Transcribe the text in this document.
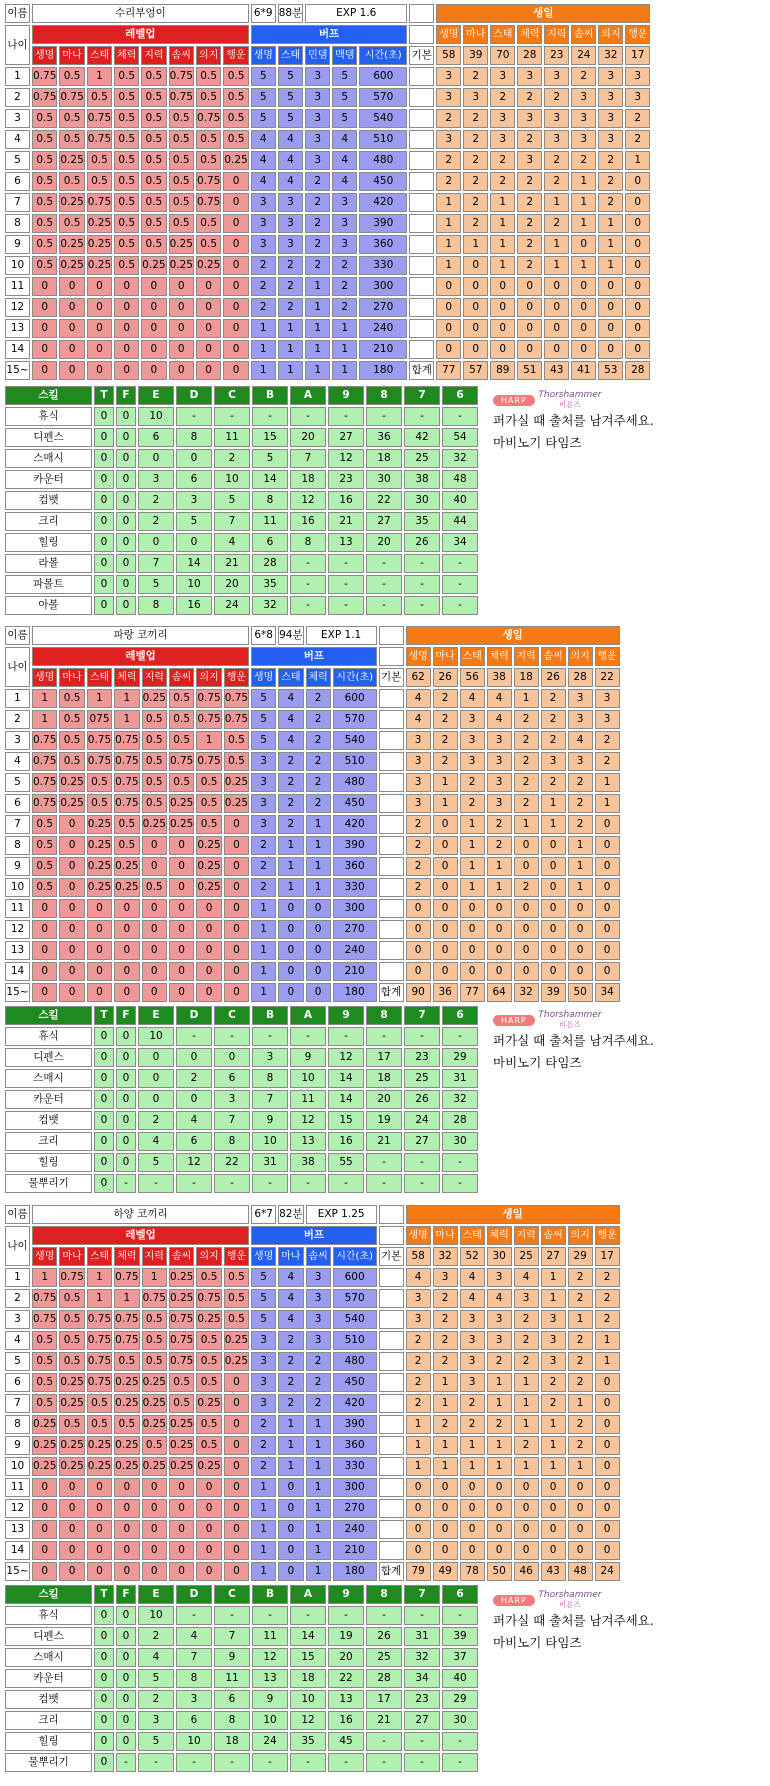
이름	수리부엉이								6*9	88분	EXP 1.6				생일							
나이	레벨업								버프						생명	마나	스태	체력	지력	솜씨	의지	행운
	생명	마나	스태	체력	지력	솜씨	의지	행운	생명	스태	민뎀	맥뎀	시간(초)	기본	58	39	70	28	23	24	32	17
1	0.75	0.5	1	0.5	0.5	0.75	0.5	0.5	5	5	3	5	600		3	2	3	3	3	2	3	3
2	0.75	0.75	0.5	0.5	0.5	0.75	0.5	0.5	5	5	3	5	570		3	3	2	2	2	3	3	3
3	0.5	0.5	0.75	0.5	0.5	0.5	0.75	0.5	5	5	3	5	540		2	2	3	3	3	3	3	2
4	0.5	0.5	0.75	0.5	0.5	0.5	0.5	0.5	4	4	3	4	510		3	2	3	2	3	3	3	2
5	0.5	0.25	0.5	0.5	0.5	0.5	0.5	0.25	4	4	3	4	480		2	2	2	3	2	2	2	1
6	0.5	0.5	0.5	0.5	0.5	0.5	0.75	0	4	4	2	4	450		2	2	2	2	2	1	2	0
7	0.5	0.25	0.75	0.5	0.5	0.5	0.75	0	3	3	2	3	420		1	2	1	2	1	1	2	0
8	0.5	0.5	0.25	0.5	0.5	0.5	0.5	0	3	3	2	3	390		1	2	1	2	2	1	1	0
9	0.5	0.25	0.25	0.5	0.5	0.25	0.5	0	3	3	2	3	360		1	1	1	2	1	0	1	0
10	0.5	0.25	0.25	0.5	0.25	0.25	0.25	0	2	2	2	2	330		1	0	1	2	1	1	1	0
11	0	0	0	0	0	0	0	0	2	2	1	2	300		0	0	0	0	0	0	0	0
12	0	0	0	0	0	0	0	0	2	2	1	2	270		0	0	0	0	0	0	0	0
13	0	0	0	0	0	0	0	0	1	1	1	1	240		0	0	0	0	0	0	0	0
14	0	0	0	0	0	0	0	0	1	1	1	1	210		0	0	0	0	0	0	0	0
15~	0	0	0	0	0	0	0	0	1	1	1	1	180	합계	77	57	89	51	43	41	53	28
스킬	T	F	E	D	C	B	A	9	8	7	6
휴식	0	0	10	-	-	-	-	-	-	-	-
디펜스	0	0	6	8	11	15	20	27	36	42	54
스매시	0	0	0	0	2	5	7	12	18	25	32
카운터	0	0	3	6	10	14	18	23	30	38	48
컴뱃	0	0	2	3	5	8	12	16	22	30	40
크리	0	0	2	5	7	11	16	21	27	35	44
힐링	0	0	0	0	4	6	8	13	20	26	34
라볼	0	0	7	14	21	28	-	-	-	-	-
파볼트	0	0	5	10	20	35	-	-	-	-	-
아볼	0	0	8	16	24	32	-	-	-	-	-
HARP Thorshammer
비욘즈
퍼가실 때 출처를 남겨주세요.
마비노기 타임즈
이름	파랑 코끼리								6*8	94분	EXP 1.1			생일							
나이	레벨업								버프					생명	마나	스태	체력	지력	솜씨	의지	행운
	생명	마나	스태	체력	지력	솜씨	의지	행운	생명	스태	체력	시간(초)	기본	62	26	56	38	18	26	28	22
1	1	0.5	1	1	0.25	0.5	0.75	0.75	5	4	2	600		4	2	4	4	1	2	3	3
2	1	0.5	075	1	0.5	0.5	0.75	0.75	5	4	2	570		4	2	3	4	2	2	3	3
3	0.75	0.5	0.75	0.75	0.5	0.5	1	0.5	5	4	2	540		3	2	3	3	2	2	4	2
4	0.75	0.5	0.75	0.75	0.5	0.75	0.75	0.5	3	2	2	510		3	2	3	3	2	3	3	2
5	0.75	0.25	0.5	0.75	0.5	0.5	0.5	0.25	3	2	2	480		3	1	2	3	2	2	2	1
6	0.75	0.25	0.5	0.75	0.5	0.25	0.5	0.25	3	2	2	450		3	1	2	3	2	1	2	1
7	0.5	0	0.25	0.5	0.25	0.25	0.5	0	3	2	1	420		2	0	1	2	1	1	2	0
8	0.5	0	0.25	0.5	0	0	0.25	0	2	1	1	390		2	0	1	2	0	0	1	0
9	0.5	0	0.25	0.25	0	0	0.25	0	2	1	1	360		2	0	1	1	0	0	1	0
10	0.5	0	0.25	0.25	0.5	0	0.25	0	2	1	1	330		2	0	1	1	2	0	1	0
11	0	0	0	0	0	0	0	0	1	0	0	300		0	0	0	0	0	0	0	0
12	0	0	0	0	0	0	0	0	1	0	0	270		0	0	0	0	0	0	0	0
13	0	0	0	0	0	0	0	0	1	0	0	240		0	0	0	0	0	0	0	0
14	0	0	0	0	0	0	0	0	1	0	0	210		0	0	0	0	0	0	0	0
15~	0	0	0	0	0	0	0	0	1	0	0	180	합계	90	36	77	64	32	39	50	34
스킬	T	F	E	D	C	B	A	9	8	7	6
휴식	0	0	10	-	-	-	-	-	-	-	-
디펜스	0	0	0	0	0	3	9	12	17	23	29
스매시	0	0	0	2	6	8	10	14	18	25	31
카운터	0	0	0	0	3	7	11	14	20	26	32
컴뱃	0	0	2	4	7	9	12	15	19	24	28
크리	0	0	4	6	8	10	13	16	21	27	30
힐링	0	0	5	12	22	31	38	55	-	-	-
물뿌리기	0	-	-	-	-	-	-	-	-	-	-
HARP Thorshammer
비욘즈
퍼가실 때 출처를 남겨주세요.
마비노기 타임즈
이름	하양 코끼리								6*7	82분	EXP 1.25			생일							
나이	레벨업								버프					생명	마나	스태	체력	지력	솜씨	의지	행운
	생명	마나	스태	체력	지력	솜씨	의지	행운	생명	마나	솜씨	시간(초)	기본	58	32	52	30	25	27	29	17
1	1	0.75	1	0.75	1	0.25	0.5	0.5	5	4	3	600		4	3	4	3	4	1	2	2
2	0.75	0.5	1	1	0.75	0.25	0.75	0.5	5	4	3	570		3	2	4	4	3	1	2	2
3	0.75	0.5	0.75	0.75	0.5	0.75	0.25	0.5	5	4	3	540		3	2	3	3	2	3	1	2
4	0.5	0.5	0.75	0.75	0.5	0.75	0.5	0.25	3	2	3	510		2	2	3	3	2	3	2	1
5	0.5	0.5	0.75	0.5	0.5	0.75	0.5	0.25	3	2	2	480		2	2	3	2	2	3	2	1
6	0.5	0.25	0.75	0.25	0.25	0.5	0.5	0	3	2	2	450		2	1	3	1	1	2	2	0
7	0.5	0.25	0.5	0.25	0.25	0.5	0.25	0	3	2	2	420		2	1	2	1	1	2	1	0
8	0.25	0.5	0.5	0.5	0.25	0.25	0.5	0	2	1	1	390		1	2	2	2	1	1	2	0
9	0.25	0.25	0.25	0.25	0.5	0.25	0.5	0	2	1	1	360		1	1	1	1	2	1	2	0
10	0.25	0.25	0.25	0.25	0.25	0.25	0.25	0	2	1	1	330		1	1	1	1	1	1	1	0
11	0	0	0	0	0	0	0	0	1	0	1	300		0	0	0	0	0	0	0	0
12	0	0	0	0	0	0	0	0	1	0	1	270		0	0	0	0	0	0	0	0
13	0	0	0	0	0	0	0	0	1	0	1	240		0	0	0	0	0	0	0	0
14	0	0	0	0	0	0	0	0	1	0	1	210		0	0	0	0	0	0	0	0
15~	0	0	0	0	0	0	0	0	1	0	1	180	합계	79	49	78	50	46	43	48	24
스킬	T	F	E	D	C	B	A	9	8	7	6
휴식	0	0	10	-	-	-	-	-	-	-	-
디펜스	0	0	2	4	7	11	14	19	26	31	39
스매시	0	0	4	7	9	12	15	20	25	32	37
카운터	0	0	5	8	11	13	18	22	28	34	40
컴뱃	0	0	2	3	6	9	10	13	17	23	29
크리	0	0	3	6	8	10	12	16	21	27	30
힐링	0	0	5	10	18	24	35	45	-	-	-
물뿌리기	0	-	-	-	-	-	-	-	-	-	-
HARP Thorshammer
비욘즈
퍼가실 때 출처를 남겨주세요.
마비노기 타임즈
